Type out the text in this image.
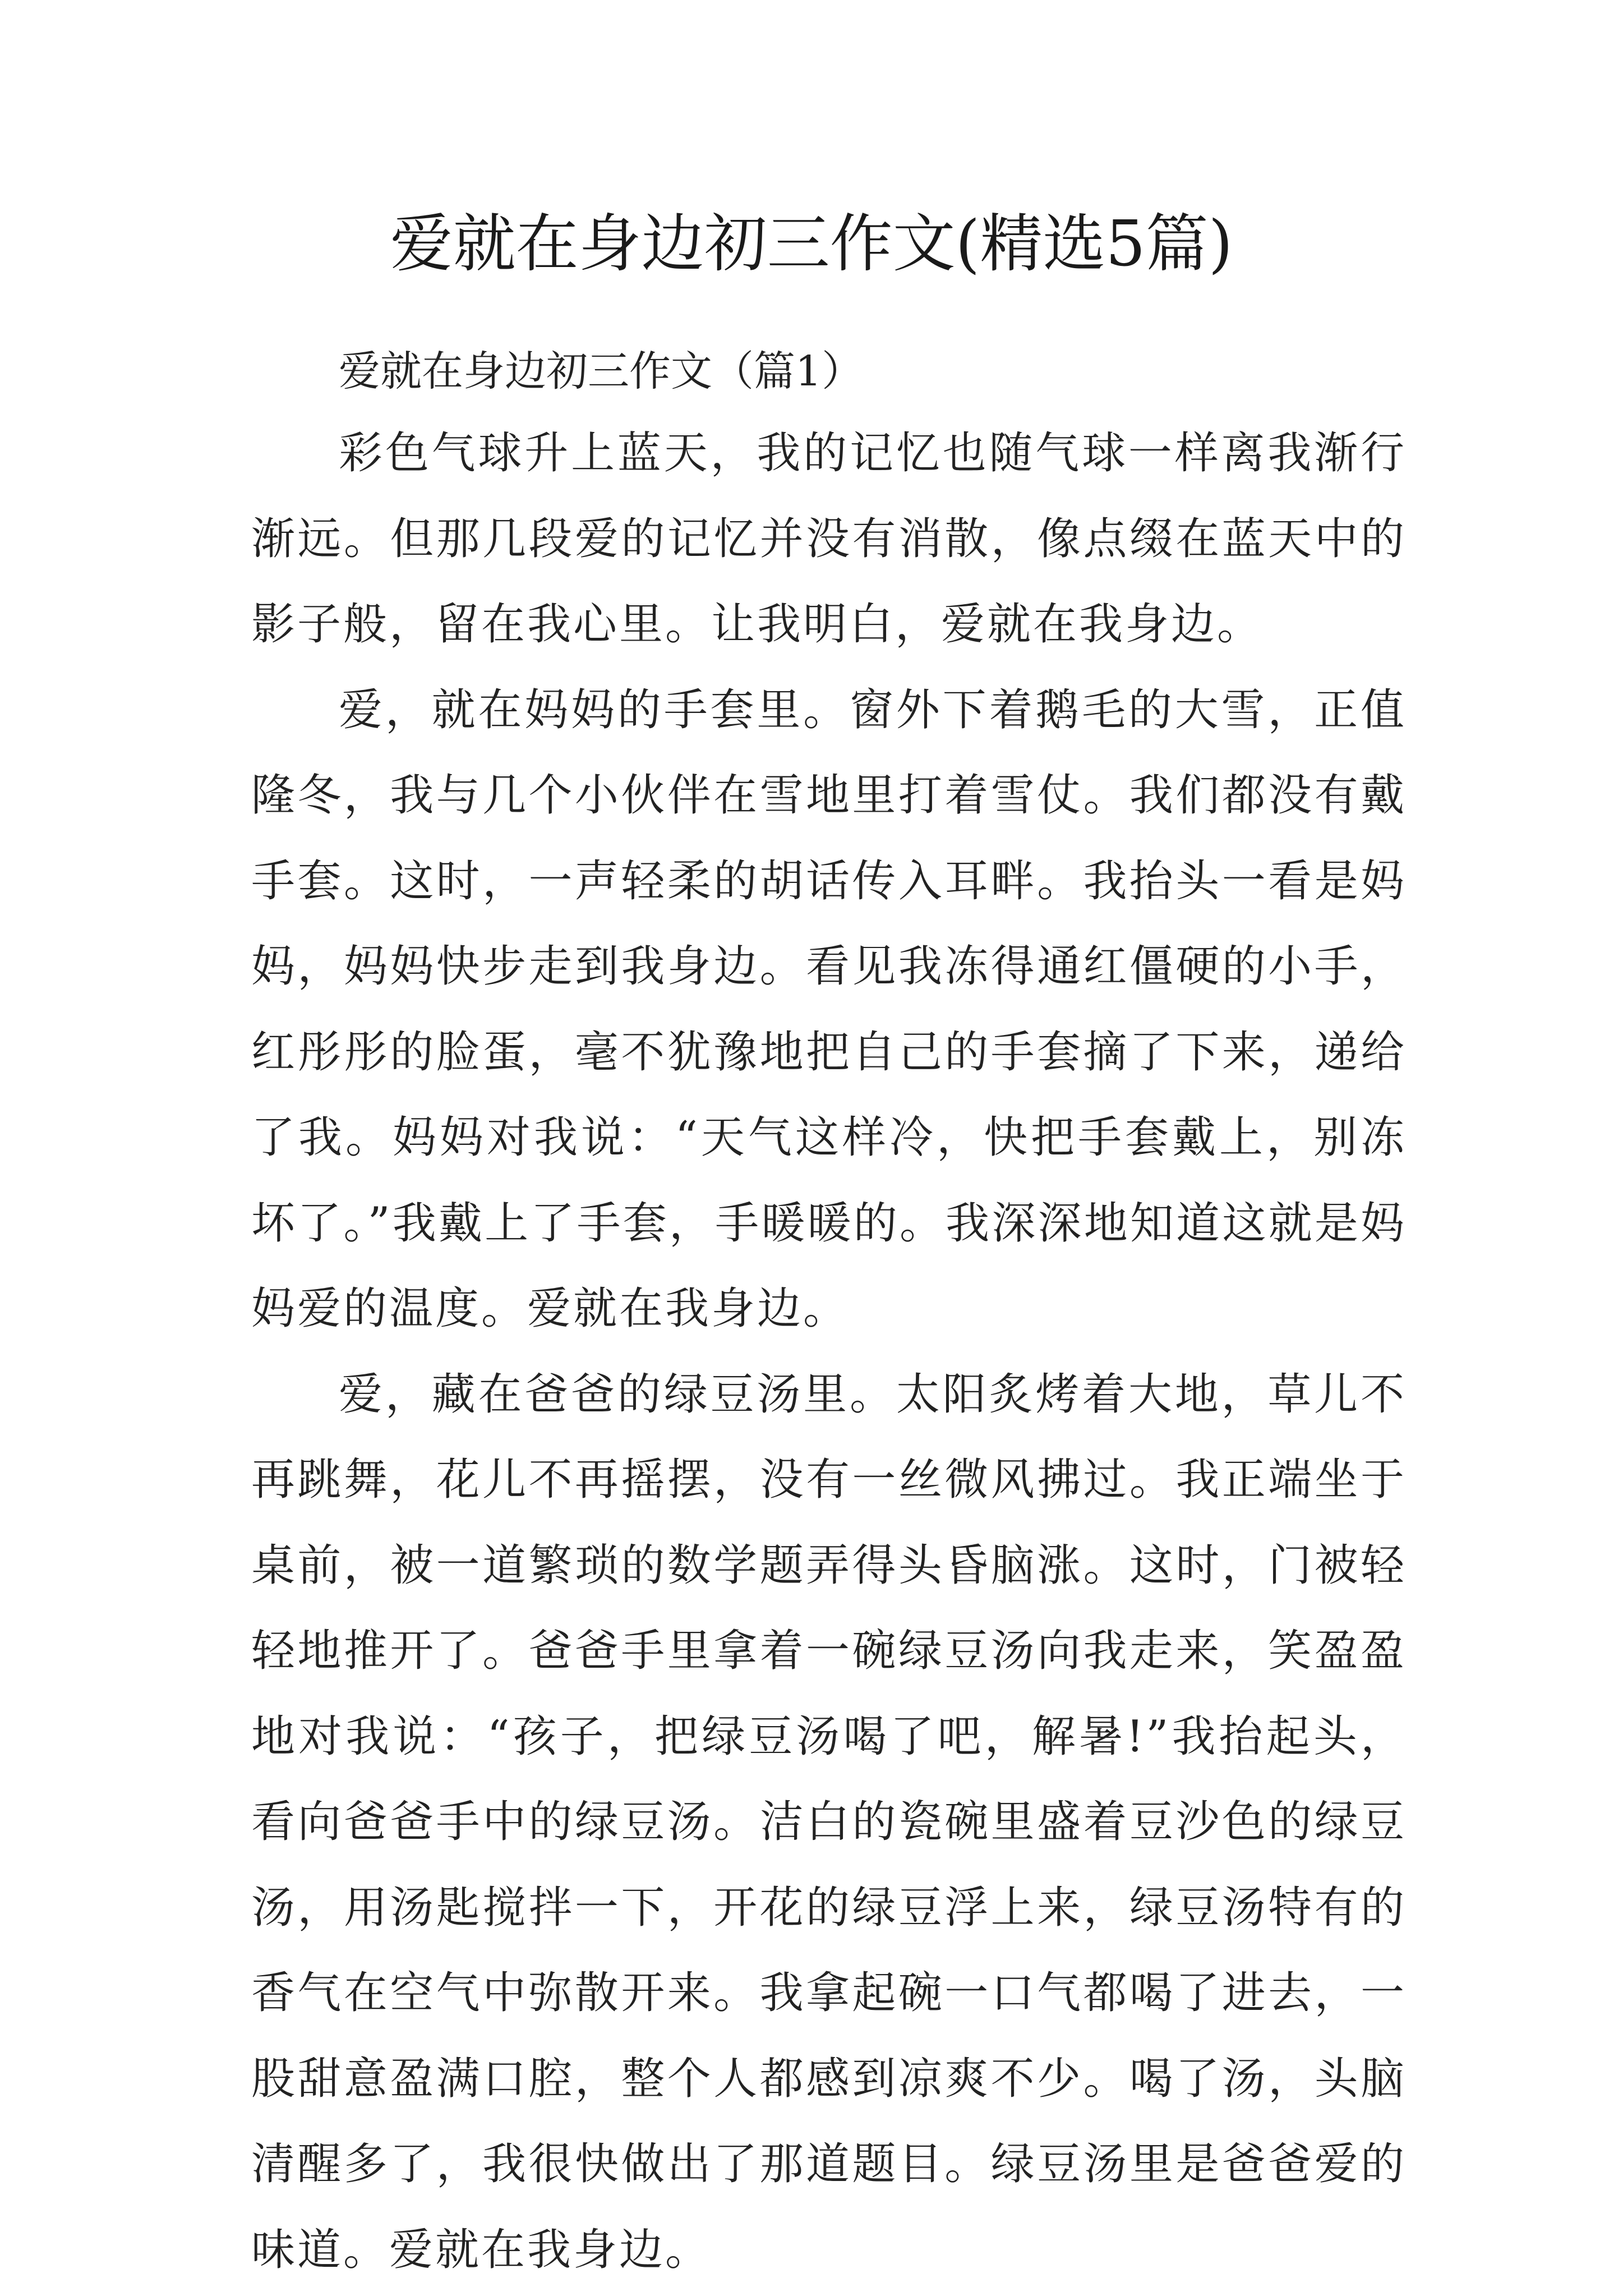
爱就在身边初三作文(精选5篇)

爱就在身边初三作文（篇1）

彩色气球升上蓝天，我的记忆也随气球一样离我渐行渐远。但那几段爱的记忆并没有消散，像点缀在蓝天中的影子般，留在我心里。让我明白，爱就在我身边。

爱，就在妈妈的手套里。窗外下着鹅毛的大雪，正值隆冬，我与几个小伙伴在雪地里打着雪仗。我们都没有戴手套。这时，一声轻柔的胡话传入耳畔。我抬头一看是妈妈，妈妈快步走到我身边。看见我冻得通红僵硬的小手，红彤彤的脸蛋，毫不犹豫地把自己的手套摘了下来，递给了我。妈妈对我说：“天气这样冷，快把手套戴上，别冻坏了。”我戴上了手套，手暖暖的。我深深地知道这就是妈妈爱的温度。爱就在我身边。

爱，藏在爸爸的绿豆汤里。太阳炙烤着大地，草儿不再跳舞，花儿不再摇摆，没有一丝微风拂过。我正端坐于桌前，被一道繁琐的数学题弄得头昏脑涨。这时，门被轻轻地推开了。爸爸手里拿着一碗绿豆汤向我走来，笑盈盈地对我说：“孩子，把绿豆汤喝了吧，解暑!”我抬起头，看向爸爸手中的绿豆汤。洁白的瓷碗里盛着豆沙色的绿豆汤，用汤匙搅拌一下，开花的绿豆浮上来，绿豆汤特有的香气在空气中弥散开来。我拿起碗一口气都喝了进去，一股甜意盈满口腔，整个人都感到凉爽不少。喝了汤，头脑清醒多了，我很快做出了那道题目。绿豆汤里是爸爸爱的味道。爱就在我身边。
